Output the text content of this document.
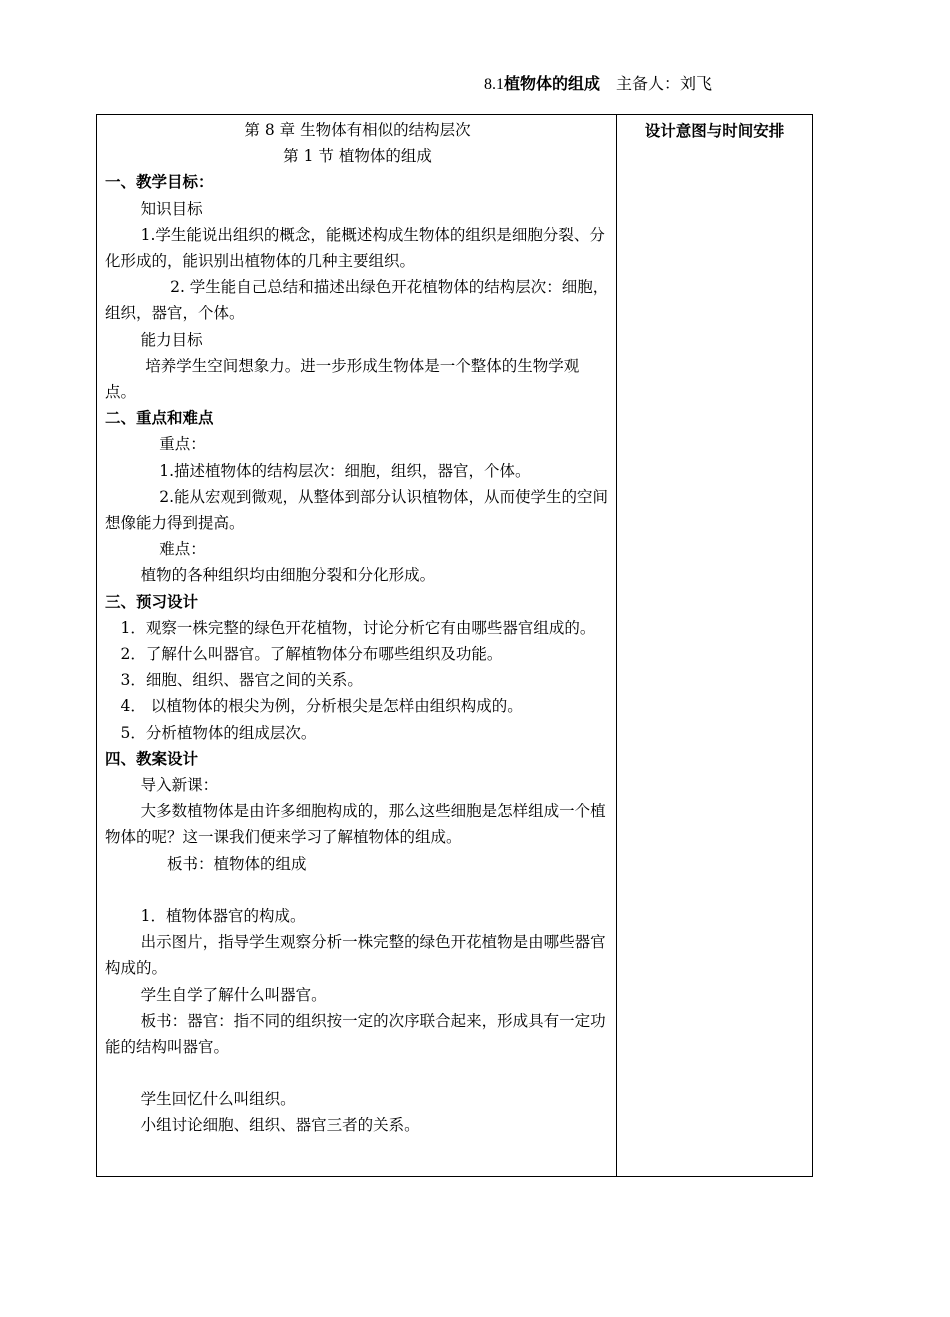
8.1植物体的组成 主备人：刘飞

第 8 章 生物体有相似的结构层次

第 1 节 植物体的组成

一、教学目标：

知识目标

1.学生能说出组织的概念，能概述构成生物体的组织是细胞分裂、分化形成的，能识别出植物体的几种主要组织。

2. 学生能自己总结和描述出绿色开花植物体的结构层次：细胞，组织，器官，个体。

能力目标

培养学生空间想象力。进一步形成生物体是一个整体的生物学观点。

二、重点和难点

重点：

1.描述植物体的结构层次：细胞，组织，器官，个体。

2.能从宏观到微观，从整体到部分认识植物体，从而使学生的空间想像能力得到提高。

难点：

植物的各种组织均由细胞分裂和分化形成。

三、预习设计

1．观察一株完整的绿色开花植物，讨论分析它有由哪些器官组成的。

2．了解什么叫器官。了解植物体分布哪些组织及功能。

3．细胞、组织、器官之间的关系。

4． 以植物体的根尖为例，分析根尖是怎样由组织构成的。

5．分析植物体的组成层次。

四、教案设计

导入新课：

大多数植物体是由许多细胞构成的，那么这些细胞是怎样组成一个植物体的呢？这一课我们便来学习了解植物体的组成。

板书：植物体的组成

1．植物体器官的构成。

出示图片，指导学生观察分析一株完整的绿色开花植物是由哪些器官构成的。

学生自学了解什么叫器官。

板书：器官：指不同的组织按一定的次序联合起来，形成具有一定功能的结构叫器官。

学生回忆什么叫组织。

小组讨论细胞、组织、器官三者的关系。

设计意图与时间安排
